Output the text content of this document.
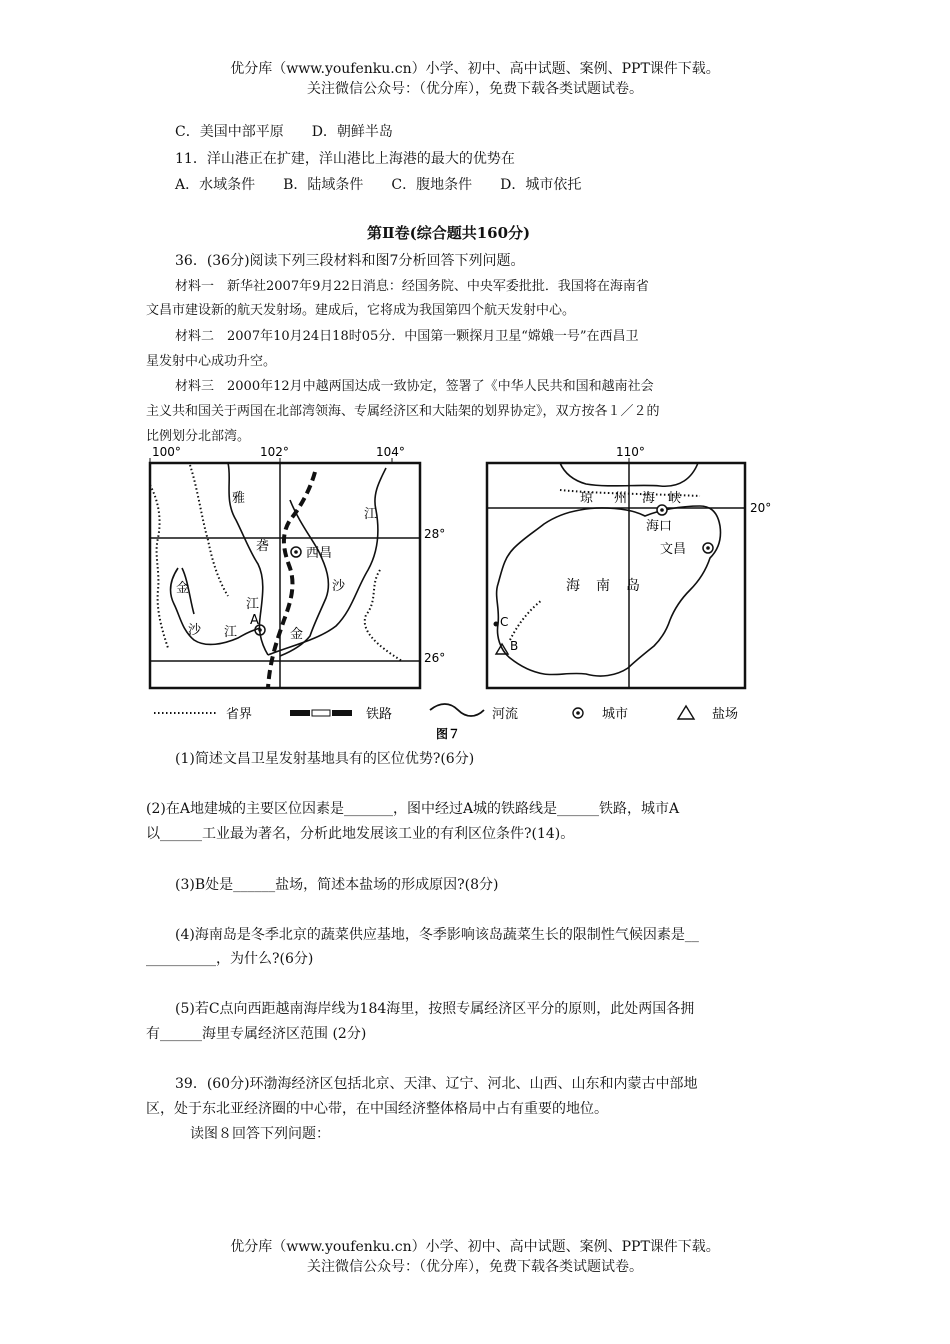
优分库（www.youfenku.cn）小学、初中、高中试题、案例、PPT课件下载。
关注微信公众号：（优分库），免费下载各类试题试卷。
C．美国中部平原　　D．朝鲜半岛
11．洋山港正在扩建，洋山港比上海港的最大的优势在
A．水域条件　　B．陆域条件　　C．腹地条件　　D．城市依托
第Ⅱ卷(综合题共160分)
36．(36分)阅读下列三段材料和图7分析回答下列问题。
材料一　新华社2007年9月22日消息：经国务院、中央军委批批．我国将在海南省
文昌市建设新的航天发射场。建成后，它将成为我国第四个航天发射中心。
材料二　2007年10月24日18时05分．中国第一颗探月卫星“嫦娥一号”在西昌卫
星发射中心成功升空。
材料三　2000年12月中越两国达成一致协定，签署了《中华人民共和国和越南社会
主义共和国关于两国在北部湾领海、专属经济区和大陆架的划界协定》，双方按各１／２的
比例划分北部湾。
100°	102°	104°
28°
26°
西昌
雅
砻
金
沙
江
A
江	金
江
沙
110°
20°
琼 州 海 峡
海口
文昌
海 南 岛
C
B
省界	铁路	河流	城市	盐场
图７
(1)简述文昌卫星发射基地具有的区位优势?(6分)
(2)在A地建城的主要区位因素是_______，图中经过A城的铁路线是______铁路，城市A
以______工业最为著名，分析此地发展该工业的有利区位条件?(14)。
(3)B处是______盐场，简述本盐场的形成原因?(8分)
(4)海南岛是冬季北京的蔬菜供应基地，冬季影响该岛蔬菜生长的限制性气候因素是__
__________，为什么?(6分)
(5)若C点向西距越南海岸线为184海里，按照专属经济区平分的原则，此处两国各拥
有______海里专属经济区范围 (2分)
39．(60分)环渤海经济区包括北京、天津、辽宁、河北、山西、山东和内蒙古中部地
区，处于东北亚经济圈的中心带，在中国经济整体格局中占有重要的地位。
读图８回答下列问题：
优分库（www.youfenku.cn）小学、初中、高中试题、案例、PPT课件下载。
关注微信公众号：（优分库），免费下载各类试题试卷。
